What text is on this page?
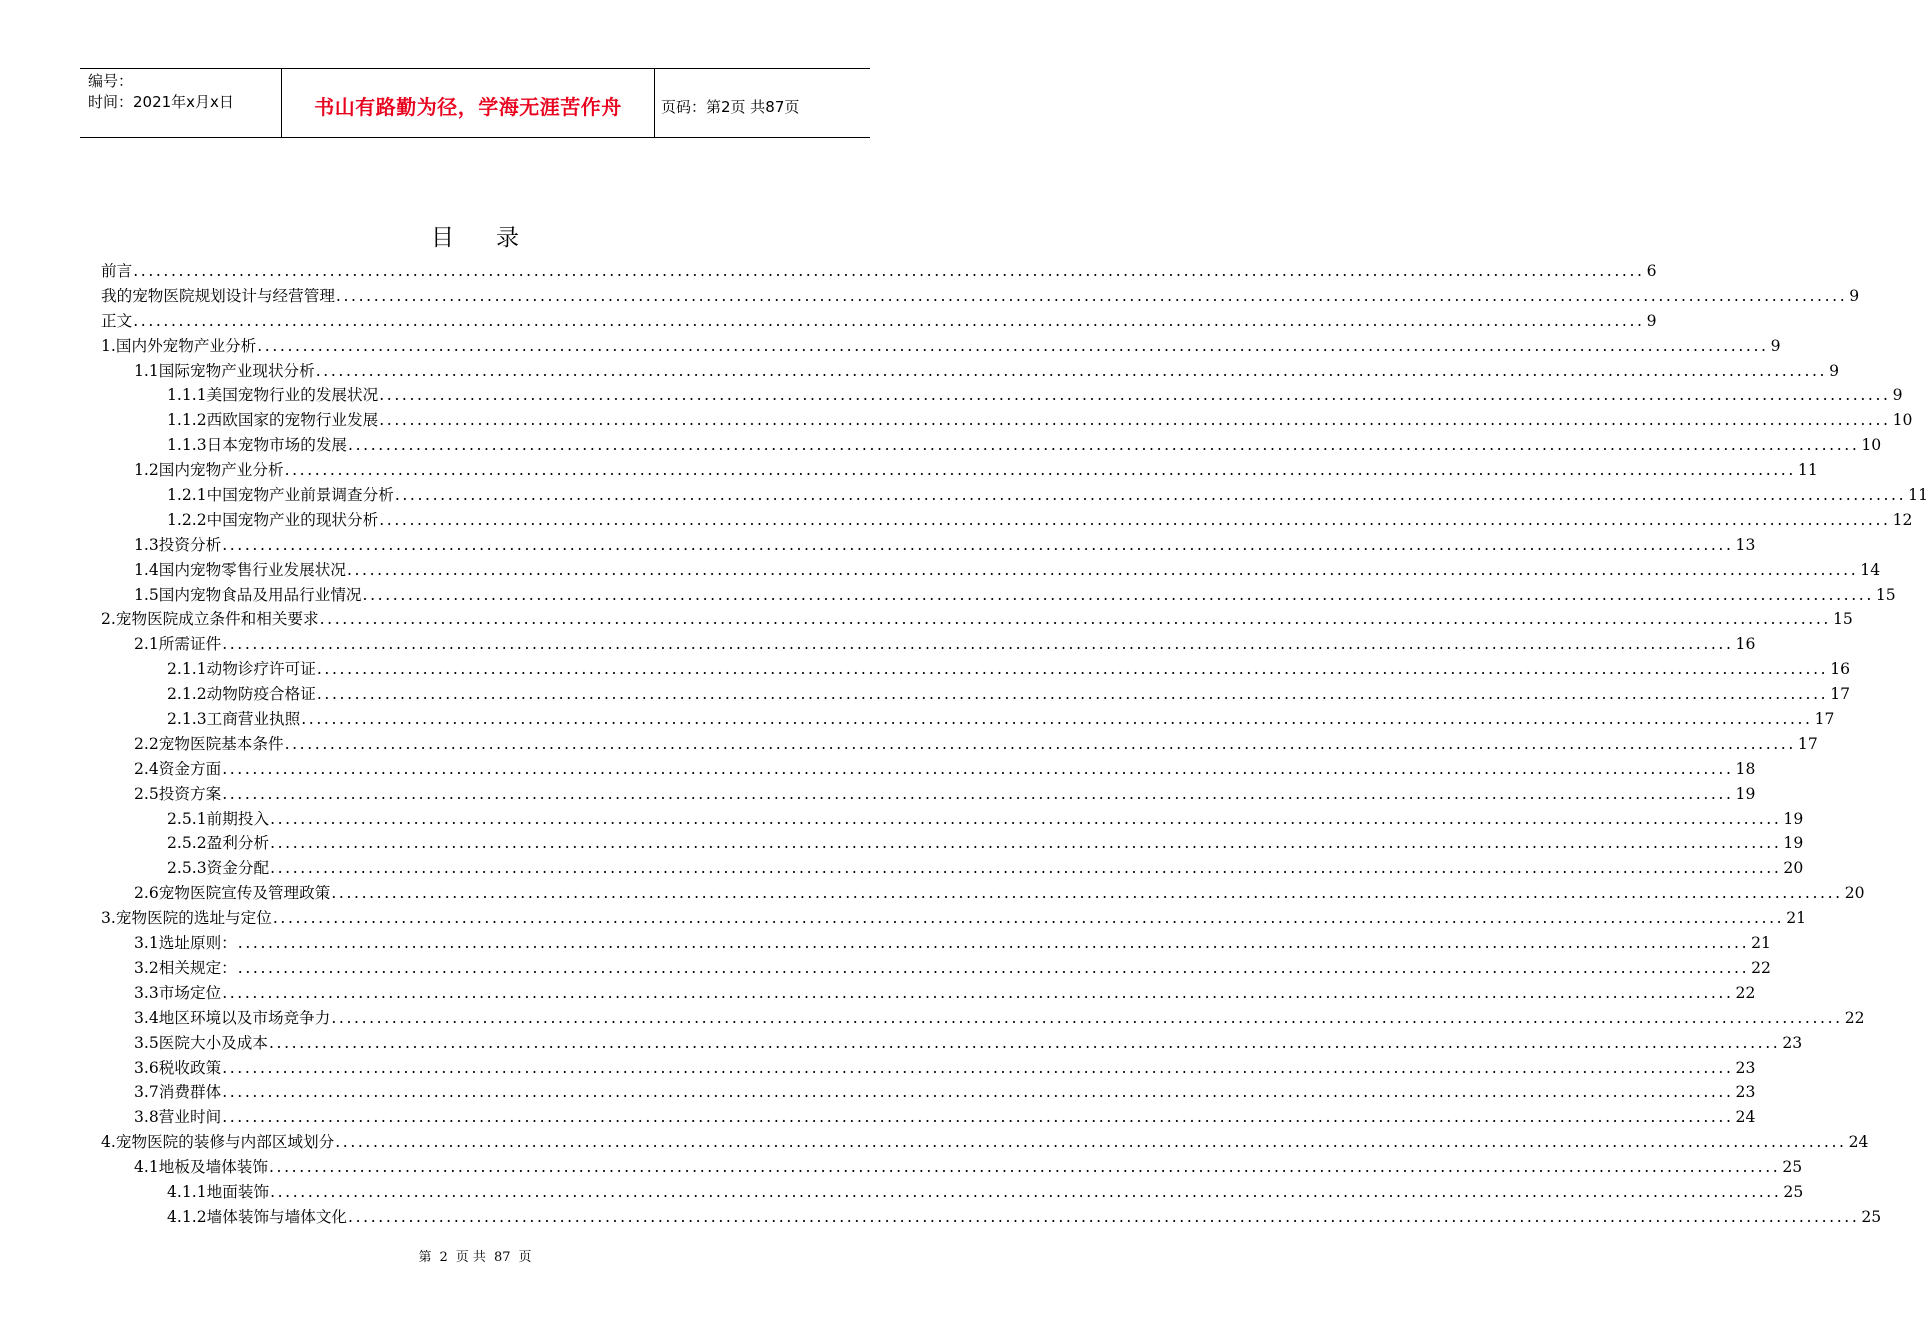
编号：
时间：2021年x月x日	书山有路勤为径，学海无涯苦作舟	页码：第2页 共87页
目录
前言 ........................................................................................................................................................................................................ 6
我的宠物医院规划设计与经营管理 ........................................................................................................................................................................................................ 9
正文 ........................................................................................................................................................................................................ 9
1.国内外宠物产业分析 ........................................................................................................................................................................................................ 9
1.1国际宠物产业现状分析 ........................................................................................................................................................................................................ 9
1.1.1美国宠物行业的发展状况 ........................................................................................................................................................................................................ 9
1.1.2西欧国家的宠物行业发展 ........................................................................................................................................................................................................ 10
1.1.3日本宠物市场的发展 ........................................................................................................................................................................................................ 10
1.2国内宠物产业分析 ........................................................................................................................................................................................................ 11
1.2.1中国宠物产业前景调查分析 ........................................................................................................................................................................................................ 11
1.2.2中国宠物产业的现状分析 ........................................................................................................................................................................................................ 12
1.3投资分析 ........................................................................................................................................................................................................ 13
1.4国内宠物零售行业发展状况 ........................................................................................................................................................................................................ 14
1.5国内宠物食品及用品行业情况 ........................................................................................................................................................................................................ 15
2.宠物医院成立条件和相关要求 ........................................................................................................................................................................................................ 15
2.1所需证件 ........................................................................................................................................................................................................ 16
2.1.1动物诊疗许可证 ........................................................................................................................................................................................................ 16
2.1.2动物防疫合格证 ........................................................................................................................................................................................................ 17
2.1.3工商营业执照 ........................................................................................................................................................................................................ 17
2.2宠物医院基本条件 ........................................................................................................................................................................................................ 17
2.4资金方面 ........................................................................................................................................................................................................ 18
2.5投资方案 ........................................................................................................................................................................................................ 19
2.5.1前期投入 ........................................................................................................................................................................................................ 19
2.5.2盈利分析 ........................................................................................................................................................................................................ 19
2.5.3资金分配 ........................................................................................................................................................................................................ 20
2.6宠物医院宣传及管理政策 ........................................................................................................................................................................................................ 20
3.宠物医院的选址与定位 ........................................................................................................................................................................................................ 21
3.1选址原则： ........................................................................................................................................................................................................ 21
3.2相关规定： ........................................................................................................................................................................................................ 22
3.3市场定位 ........................................................................................................................................................................................................ 22
3.4地区环境以及市场竞争力 ........................................................................................................................................................................................................ 22
3.5医院大小及成本 ........................................................................................................................................................................................................ 23
3.6税收政策 ........................................................................................................................................................................................................ 23
3.7消费群体 ........................................................................................................................................................................................................ 23
3.8营业时间 ........................................................................................................................................................................................................ 24
4.宠物医院的装修与内部区域划分 ........................................................................................................................................................................................................ 24
4.1地板及墙体装饰 ........................................................................................................................................................................................................ 25
4.1.1地面装饰 ........................................................................................................................................................................................................ 25
4.1.2墙体装饰与墙体文化 ........................................................................................................................................................................................................ 25
第 2 页 共 87 页
